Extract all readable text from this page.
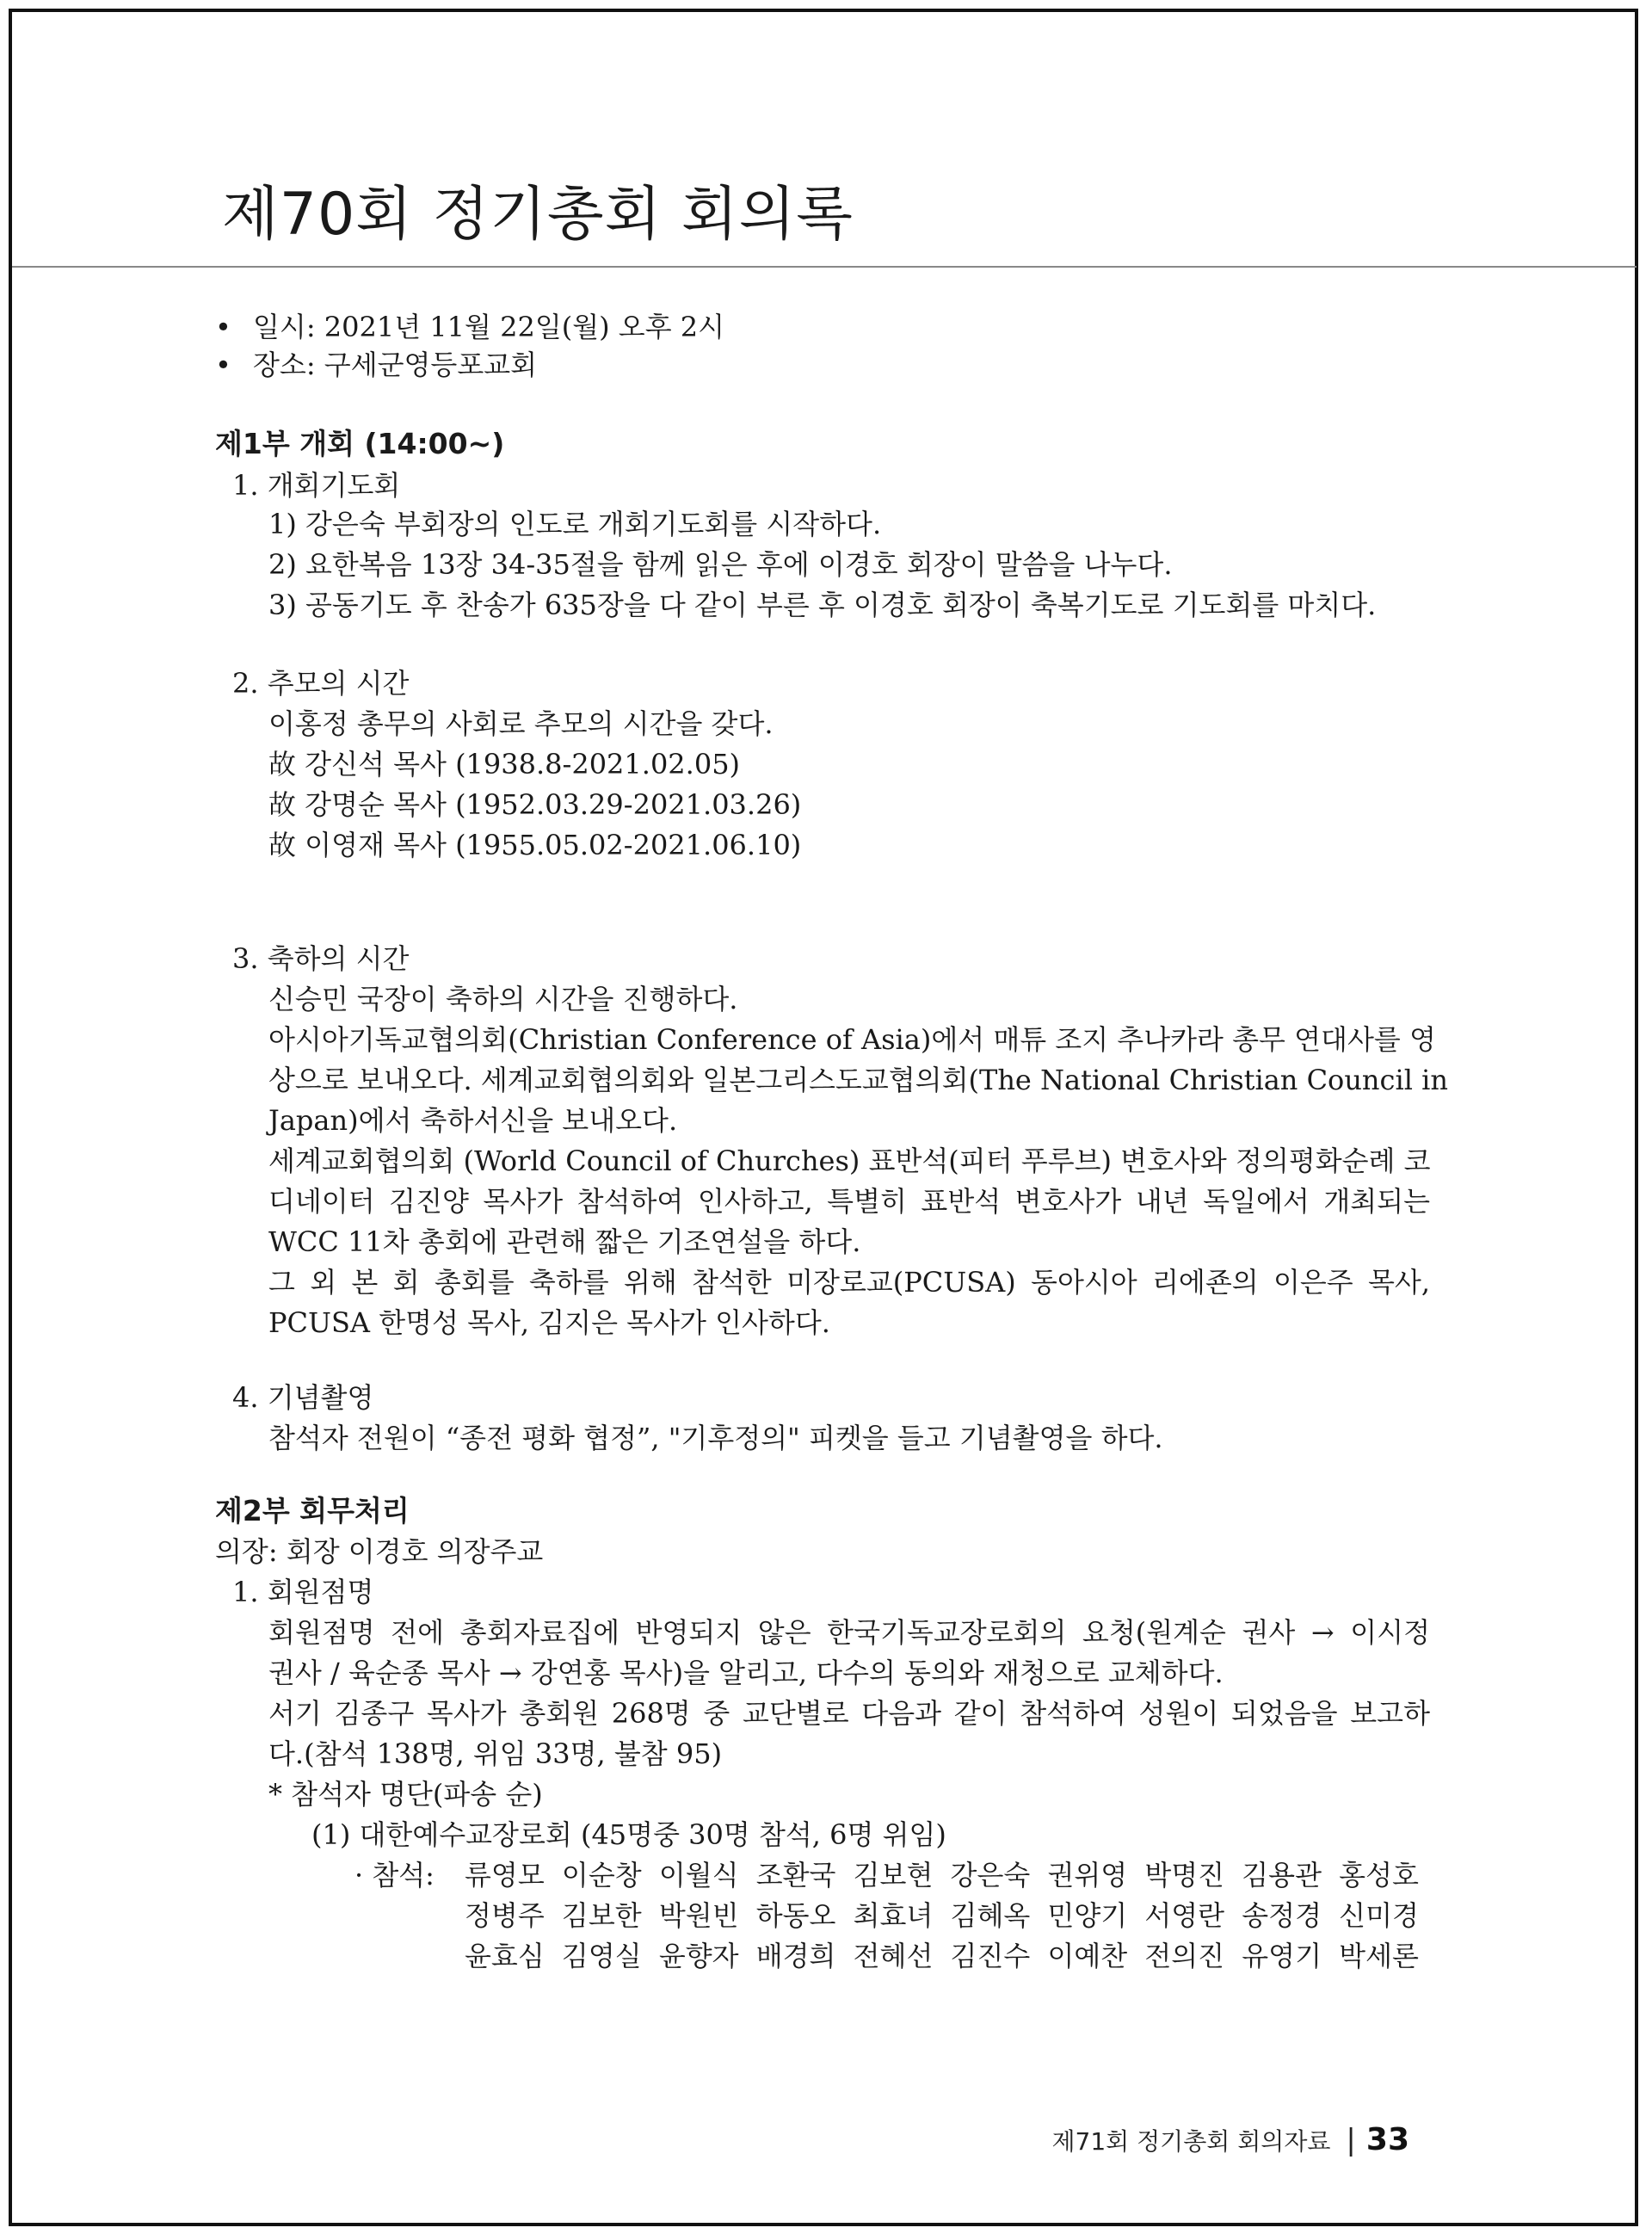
제70회 정기총회 회의록
• 일시: 2021년 11월 22일(월) 오후 2시
• 장소: 구세군영등포교회
제1부 개회 (14:00~)
1. 개회기도회
1) 강은숙 부회장의 인도로 개회기도회를 시작하다.
2) 요한복음 13장 34-35절을 함께 읽은 후에 이경호 회장이 말씀을 나누다.
3) 공동기도 후 찬송가 635장을 다 같이 부른 후 이경호 회장이 축복기도로 기도회를 마치다.
2. 추모의 시간
이홍정 총무의 사회로 추모의 시간을 갖다.
故 강신석 목사 (1938.8-2021.02.05)
故 강명순 목사 (1952.03.29-2021.03.26)
故 이영재 목사 (1955.05.02-2021.06.10)
3. 축하의 시간
신승민 국장이 축하의 시간을 진행하다.
아시아기독교협의회(Christian Conference of Asia)에서 매튜 조지 추나카라 총무 연대사를 영
상으로 보내오다. 세계교회협의회와 일본그리스도교협의회(The National Christian Council in
Japan)에서 축하서신을 보내오다.
세계교회협의회 (World Council of Churches) 표반석(피터 푸루브) 변호사와 정의평화순례 코
디네이터 김진양 목사가 참석하여 인사하고, 특별히 표반석 변호사가 내년 독일에서 개최되는
WCC 11차 총회에 관련해 짧은 기조연설을 하다.
그 외 본 회 총회를 축하를 위해 참석한 미장로교(PCUSA) 동아시아 리에죤의 이은주 목사,
PCUSA 한명성 목사, 김지은 목사가 인사하다.
4. 기념촬영
참석자 전원이 “종전 평화 협정”, "기후정의" 피켓을 들고 기념촬영을 하다.
제2부 회무처리
의장: 회장 이경호 의장주교
1. 회원점명
회원점명 전에 총회자료집에 반영되지 않은 한국기독교장로회의 요청(원계순 권사 → 이시정
권사 / 육순종 목사 → 강연홍 목사)을 알리고, 다수의 동의와 재청으로 교체하다.
서기 김종구 목사가 총회원 268명 중 교단별로 다음과 같이 참석하여 성원이 되었음을 보고하
다.(참석 138명, 위임 33명, 불참 95)
* 참석자 명단(파송 순)
(1) 대한예수교장로회 (45명중 30명 참석, 6명 위임)
· 참석: 류영모 이순창 이월식 조환국 김보현 강은숙 권위영 박명진 김용관 홍성호
정병주 김보한 박원빈 하동오 최효녀 김혜옥 민양기 서영란 송정경 신미경
윤효심 김영실 윤향자 배경희 전혜선 김진수 이예찬 전의진 유영기 박세론
제71회 정기총회 회의자료 | 33
